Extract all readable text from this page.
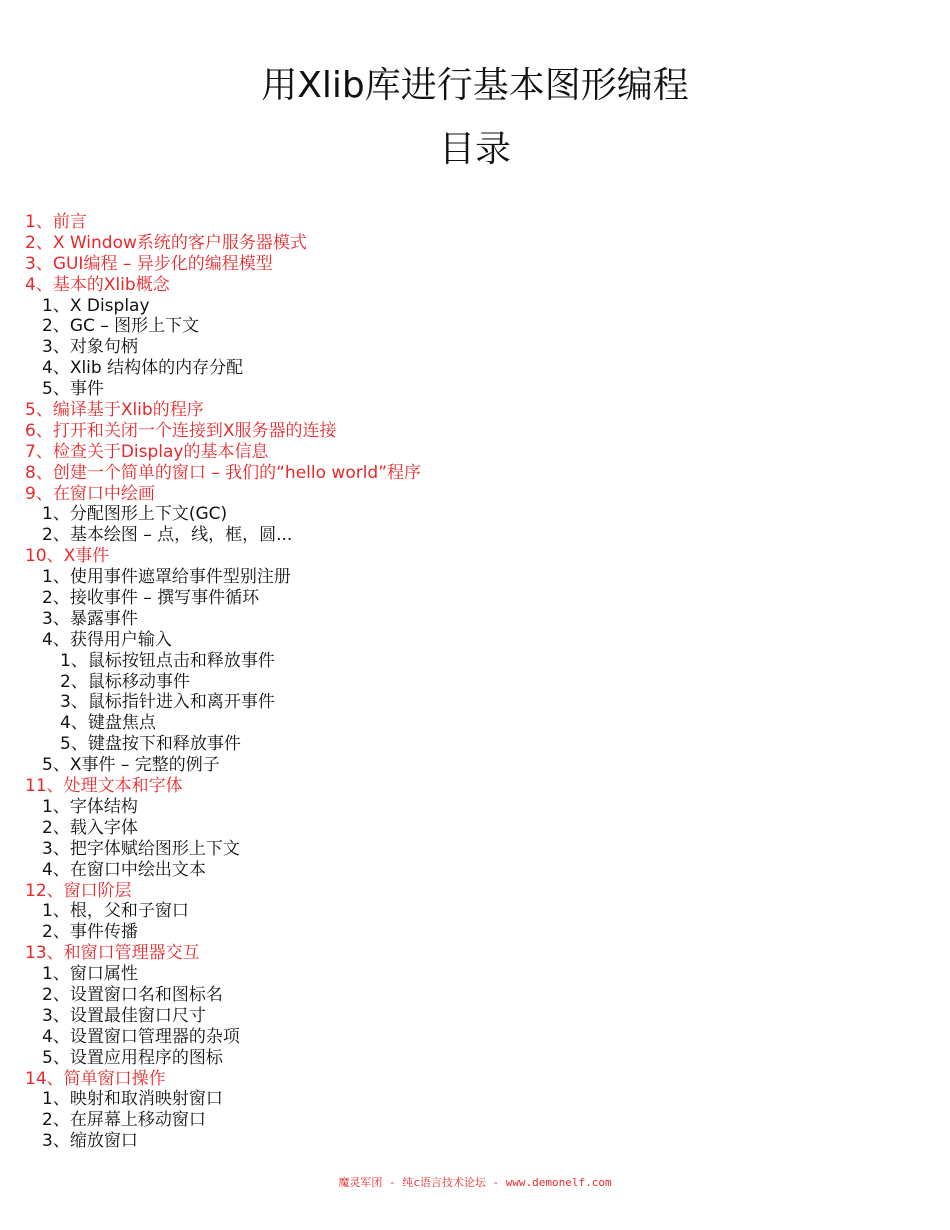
用Xlib库进行基本图形编程
目录
1、前言
2、X Window系统的客户服务器模式
3、GUI编程 – 异步化的编程模型
4、基本的Xlib概念
1、X Display
2、GC – 图形上下文
3、对象句柄
4、Xlib 结构体的内存分配
5、事件
5、编译基于Xlib的程序
6、打开和关闭一个连接到X服务器的连接
7、检查关于Display的基本信息
8、创建一个简单的窗口 – 我们的“hello world”程序
9、在窗口中绘画
1、分配图形上下文(GC)
2、基本绘图 – 点，线，框，圆...
10、X事件
1、使用事件遮罩给事件型别注册
2、接收事件 – 撰写事件循环
3、暴露事件
4、获得用户输入
1、鼠标按钮点击和释放事件
2、鼠标移动事件
3、鼠标指针进入和离开事件
4、键盘焦点
5、键盘按下和释放事件
5、X事件 – 完整的例子
11、处理文本和字体
1、字体结构
2、载入字体
3、把字体赋给图形上下文
4、在窗口中绘出文本
12、窗口阶层
1、根，父和子窗口
2、事件传播
13、和窗口管理器交互
1、窗口属性
2、设置窗口名和图标名
3、设置最佳窗口尺寸
4、设置窗口管理器的杂项
5、设置应用程序的图标
14、简单窗口操作
1、映射和取消映射窗口
2、在屏幕上移动窗口
3、缩放窗口
魔灵军团 - 纯c语言技术论坛 - www.demonelf.com
